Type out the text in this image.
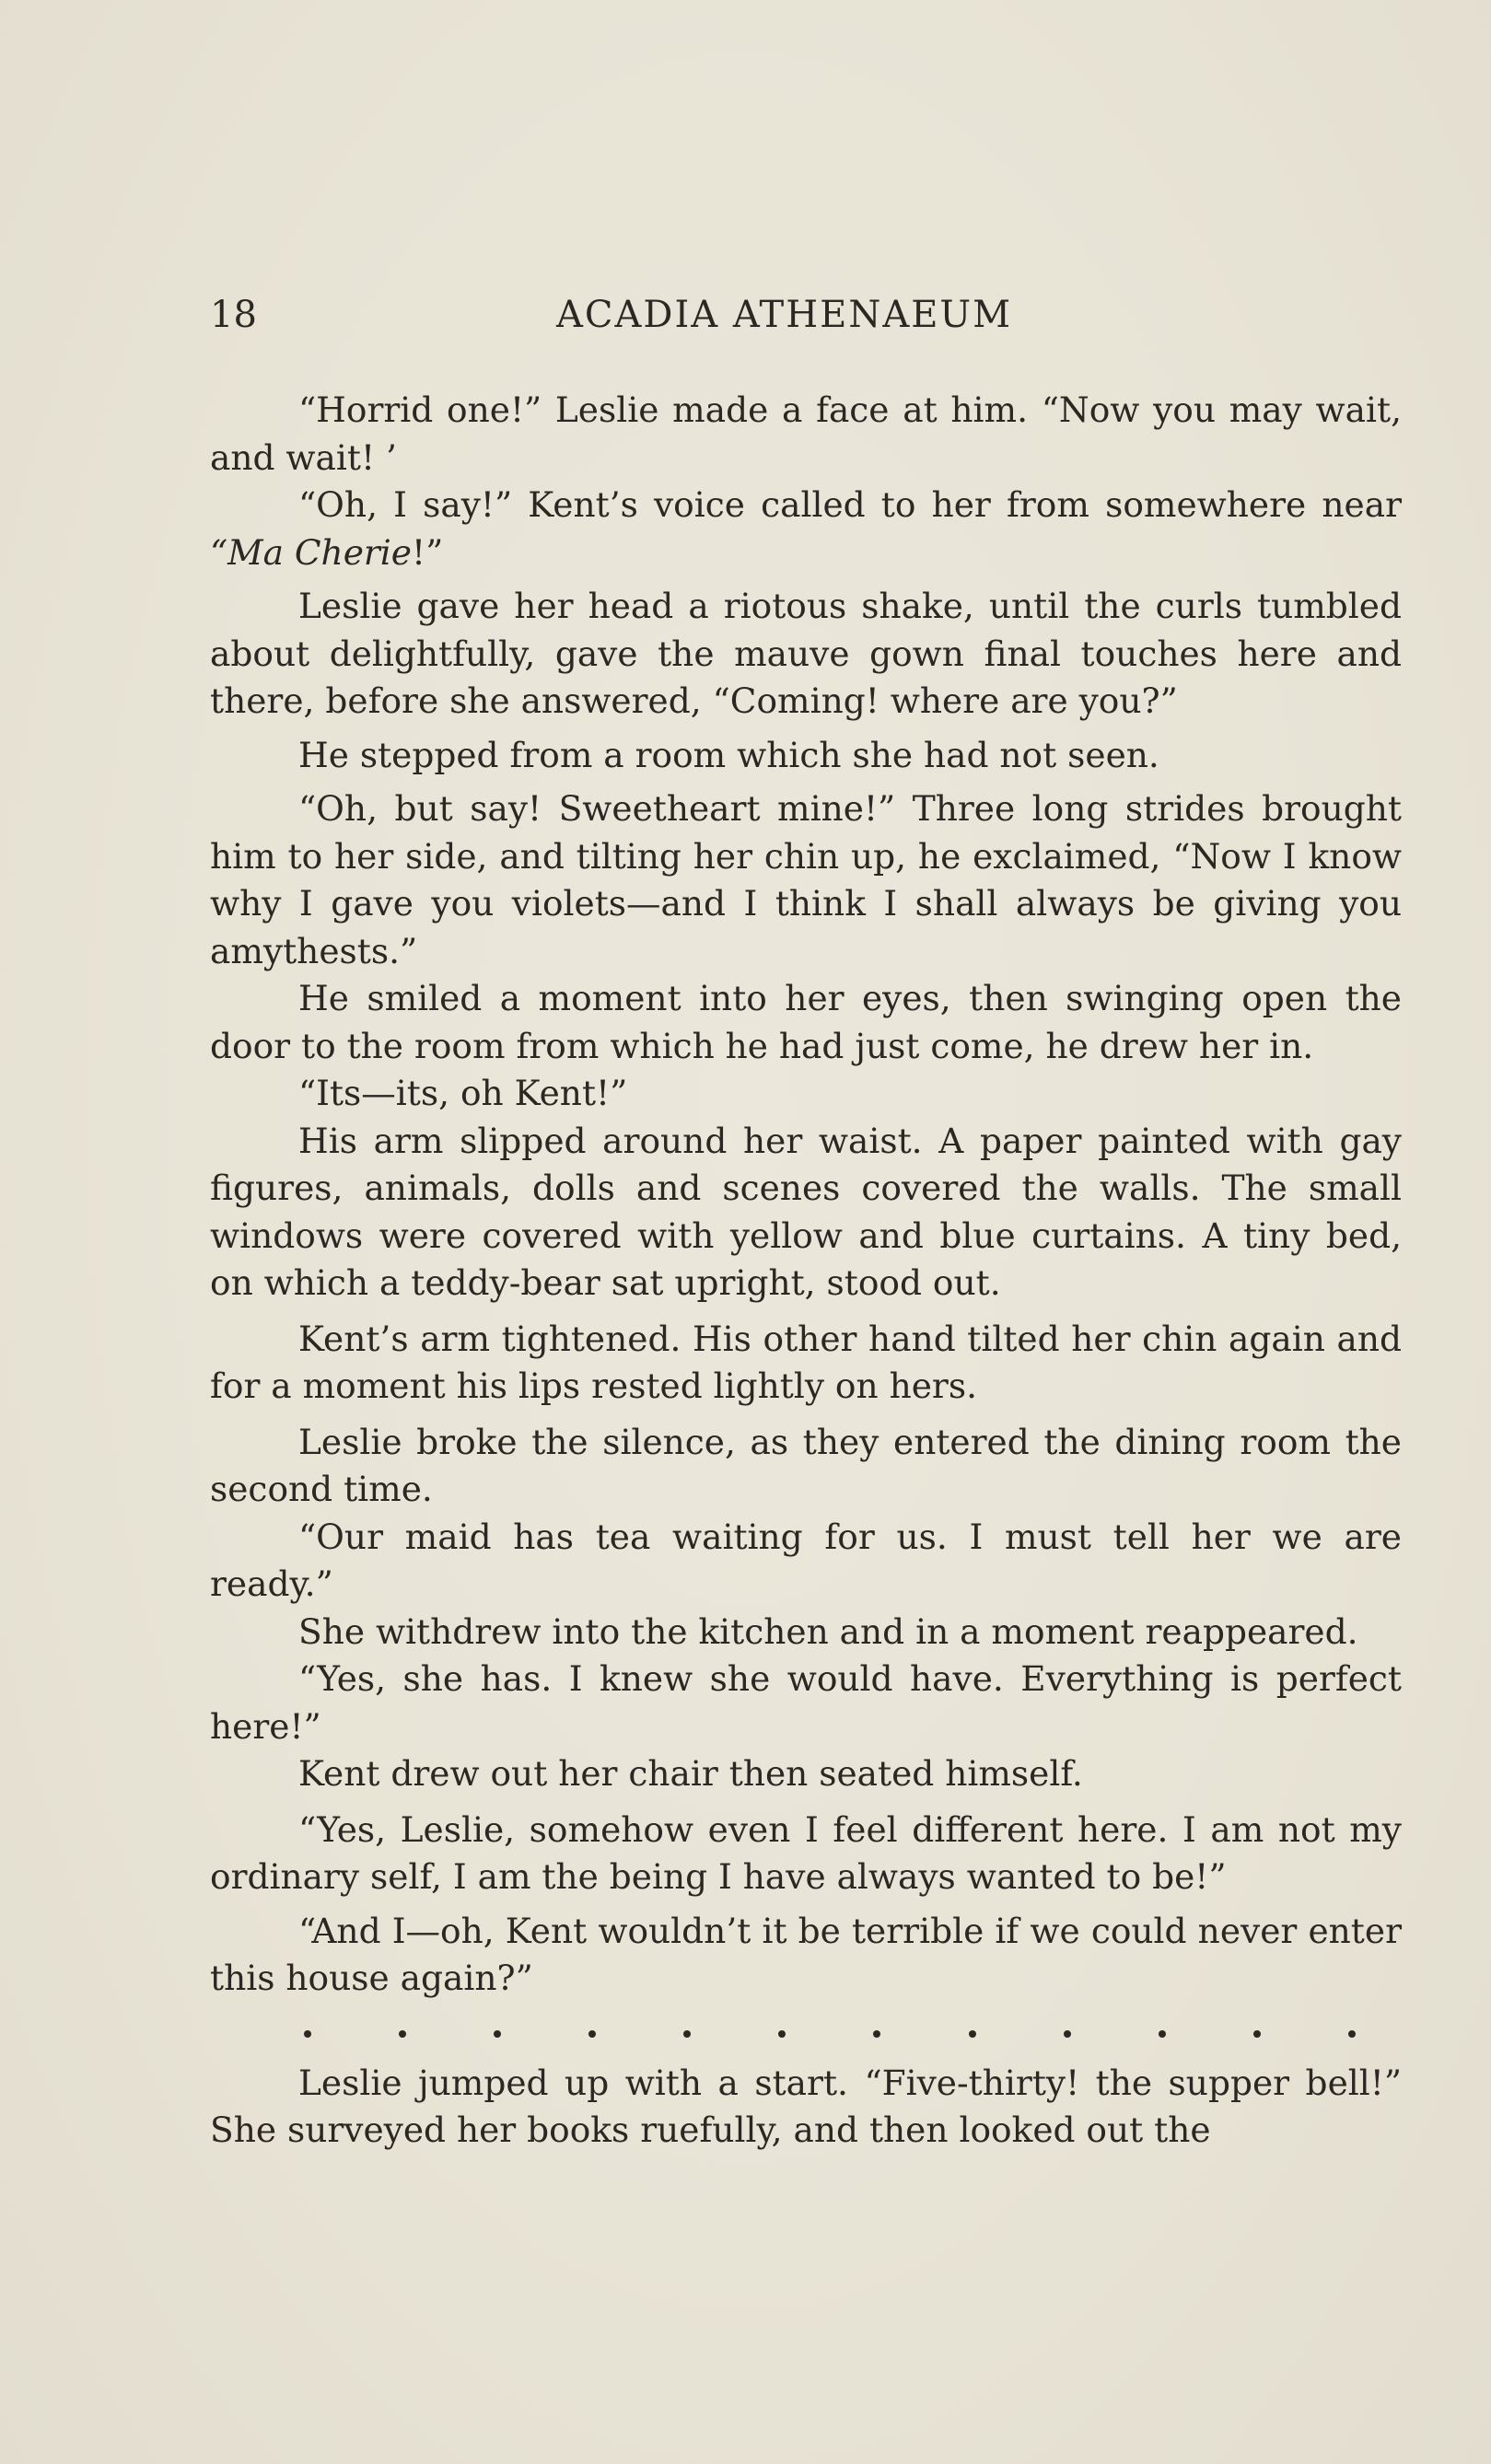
18	ACADIA ATHENAEUM

“Horrid one!” Leslie made a face at him. “Now you may wait, and wait! ’

“Oh, I say!” Kent’s voice called to her from somewhere near “Ma Cherie!”

Leslie gave her head a riotous shake, until the curls tumbled about delightfully, gave the mauve gown final touches here and there, before she answered, “Coming! where are you?”

He stepped from a room which she had not seen.

“Oh, but say! Sweetheart mine!” Three long strides brought him to her side, and tilting her chin up, he exclaimed, “Now I know why I gave you violets—and I think I shall always be giving you amythests.”

He smiled a moment into her eyes, then swinging open the door to the room from which he had just come, he drew her in.

“Its—its, oh Kent!”

His arm slipped around her waist. A paper painted with gay figures, animals, dolls and scenes covered the walls. The small windows were covered with yellow and blue curtains. A tiny bed, on which a teddy-bear sat upright, stood out.

Kent’s arm tightened. His other hand tilted her chin again and for a moment his lips rested lightly on hers.

Leslie broke the silence, as they entered the dining room the second time.

“Our maid has tea waiting for us. I must tell her we are ready.”

She withdrew into the kitchen and in a moment reappeared.

“Yes, she has. I knew she would have. Everything is perfect here!”

Kent drew out her chair then seated himself.

“Yes, Leslie, somehow even I feel different here. I am not my ordinary self, I am the being I have always wanted to be!”

“And I—oh, Kent wouldn’t it be terrible if we could never enter this house again?”

Leslie jumped up with a start. “Five-thirty! the supper bell!” She surveyed her books ruefully, and then looked out the
